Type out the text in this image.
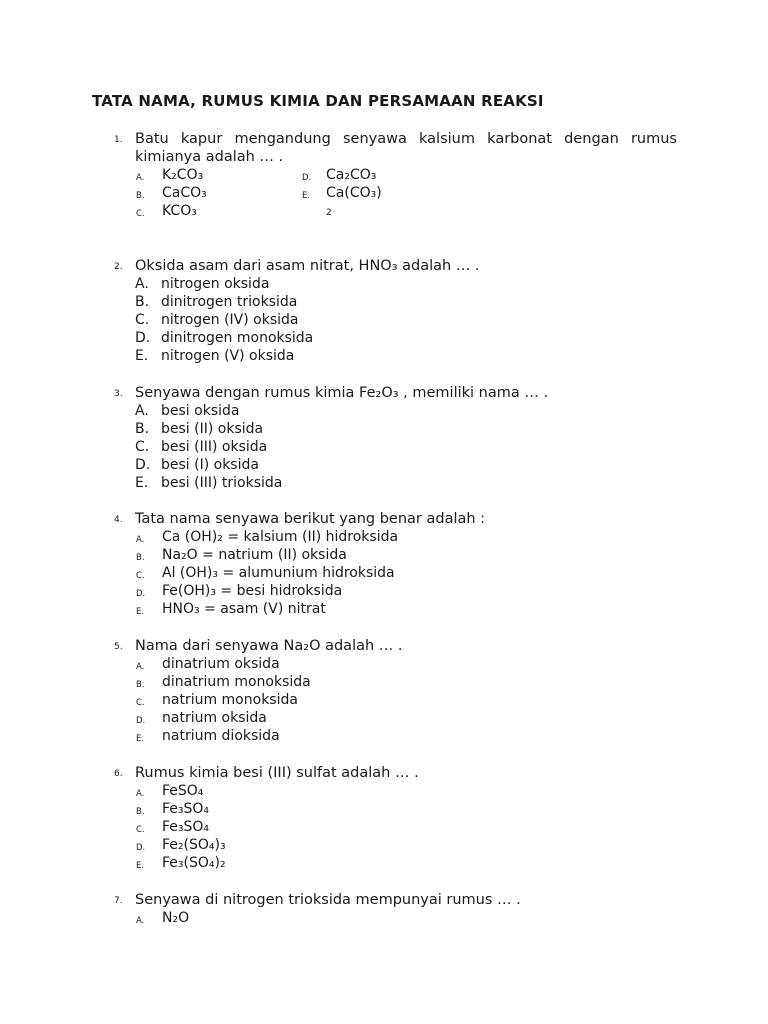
TATA NAMA, RUMUS KIMIA DAN PERSAMAAN REAKSI
1. Batu kapur mengandung senyawa kalsium karbonat dengan rumus kimianya adalah … .
A. K₂CO₃
B. CaCO₃
C. KCO₃
D. Ca₂CO₃
E. Ca(CO₃)
2
2. Oksida asam dari asam nitrat, HNO₃ adalah … .
A. nitrogen oksida
B. dinitrogen trioksida
C. nitrogen (IV) oksida
D. dinitrogen monoksida
E. nitrogen (V) oksida
3. Senyawa dengan rumus kimia Fe₂O₃ , memiliki nama … .
A. besi oksida
B. besi (II) oksida
C. besi (III) oksida
D. besi (I) oksida
E. besi (III) trioksida
4. Tata nama senyawa berikut yang benar adalah :
A. Ca (OH)₂ = kalsium (II) hidroksida
B. Na₂O = natrium (II) oksida
C. Al (OH)₃ = alumunium hidroksida
D. Fe(OH)₃ = besi hidroksida
E. HNO₃ = asam (V) nitrat
5. Nama dari senyawa Na₂O adalah … .
A. dinatrium oksida
B. dinatrium monoksida
C. natrium monoksida
D. natrium oksida
E. natrium dioksida
6. Rumus kimia besi (III) sulfat adalah … .
A. FeSO₄
B. Fe₃SO₄
C. Fe₃SO₄
D. Fe₂(SO₄)₃
E. Fe₃(SO₄)₂
7. Senyawa di nitrogen trioksida mempunyai rumus … .
A. N₂O
